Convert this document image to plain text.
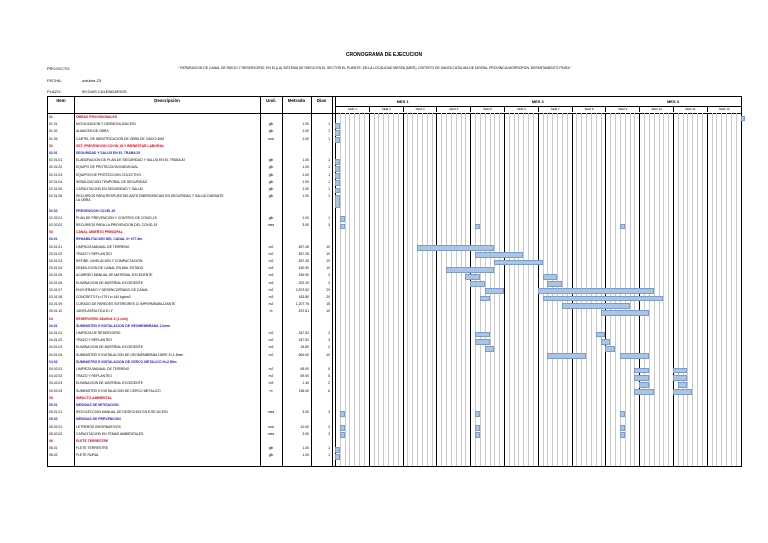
CRONOGRAMA DE EJECUCION
PROYECTO:	" REPARACION DE CANAL DE RIEGO Y RESERVORIO; EN EL(LA) SISTEMA DE RIEGO EN EL SECTOR EL PUENTE, EN LA LOCALIDAD MESSA (MESI), DISTRITO DE SANTA CATALINA DE MOSSA, PROVINCIA MORROPON, DEPARTAMENTO PIURA "
FECHA:	octubre-23
PLAZO:	90 DIAS CALENDARIOS
Item	Descripción	Und.	Metrado	Dias	MES 1	MES 2	MES 3
SEM 1	SEM 2	SEM 3	SEM 4	SEM 5	SEM 6	SEM 7	SEM 8	SEM 9	SEM 10	SEM 11	SEM 12
01	OBRAS PROVISIONALES
01.01	MOVILIZACION Y DESMOVILIZACION	glb	1.00	1
01.02	ALMACEN DE OBRA	glb	1.00	1
01.03	CARTEL DE IDENTIFICACION DE OBRA DE 3.60X2.40M	und	1.00	1
02	SST, PREVENCION COVID-19 Y BIENESTAR LABORAL
02.01	SEGURIDAD Y SALUD EN EL TRABAJO
02.01.01	ELABORACION DE PLAN DE SEGURIDAD Y SALUD EN EL TRABAJO	glb	1.00	1
02.01.02	EQUIPO DE PROTECCION INDIVIDUAL	glb	1.00	1
02.01.03	EQUIPOS DE PROTECCION COLECTIVO	glb	1.00	1
02.01.04	SEÑALIZACION TEMPORAL DE SEGURIDAD	glb	1.00	1
02.01.05	CAPACITACION EN SEGURIDAD Y SALUD	glb	1.00	1
02.01.06	RECURSOS PARA RESPUESTAS ANTE EMERGENCIAS EN SEGURIDAD Y SALUD DURANTE LA OBRA
glb	1.00	1
02.02	PREVENCION COVID-19
02.02.01	PLAN DE PREVENCION Y CONTROL DE COVID-19	glb	1.00	1
02.02.02	RECURSOS PARA LA PREVENCION DEL COVID-19	mes	3.00	3
03	CANAL ABIERTO PRINCIPAL
03.01	REHABILITACION DEL CANAL 0+ 077.8m
03.01.01	LIMPIEZA MANUAL DE TERRENO	m2	837.28	10
03.01.02	TRAZO Y REPLANTEO	m2	837.28	10
03.01.03	REFINE, NIVELACION Y COMPACTACION	m2	837.28	10
03.01.04	DEMOLICION DE CANAL EN MAL ESTADO	m3	160.90	10
03.01.05	ACARREO MANUAL DE MATERIAL EXCEDENTE	m3	150.90	3
03.01.06	ELIMINACION DE MATERIAL EXCEDENTE	m3	202.20	3
03.01.07	ENCOFRADO Y DESENCOFRADO DE CANAL	m2	2,873.52	20
03.01.08	CONCRETO f'c=175 f'c=140 kg/cm2	m3	183.80	20
03.01.09	CURADO DE PAREDES INTERIORES C/ IMPERMEABILIZANTE	m2	1,207.76	15
03.01.10	JUNTA ASFALTICA E=1"	m	872.61	10
04	RESERVORIO 28x60x1.5 (1 und)
04.01	SUMINISTRO E INSTALACION DE GEOMEMBRANA 1.0mm
04.01.01	LIMPIEZA DE RESERVORIO	m2	347.52	3
04.01.02	TRAZO Y REPLANTEO	m2	347.52	3
04.01.03	ELIMINACION DE MATERIAL EXCEDENTE	m3	15.80	2
04.01.04	SUMINISTRO E INSTALACION DE GEOMEMBRANA HDPE E=1.5mm	m2	600.00	10
04.02	SUMINISTRO E INSTALACION DE CERCO METALICO H=2.50m
04.02.01	LIMPIEZA MANUAL DE TERRENO	m2	69.00	5
04.02.02	TRAZO Y REPLANTEO	m2	69.00	5
04.02.03	ELIMINACION DE MATERIAL EXCEDENTE	m3	1.40	2
04.02.04	SUMINISTRO E INSTALACION DE CERCO METALICO	m	136.00	6
05	IMPACTO AMBIENTAL
05.01	MEDIDAS DE MITIGACION
05.01.01	RECOLECCION MANUAL DE DESECHOS EN EJECUCION	mes	3.00	3
05.02	MEDIDAS DE PREVENCION
05.02.01	LETREROS INFORMATIVOS	und	10.00	3
05.02.02	CAPACITACION EN TEMAS AMBIENTALES	mes	3.00	3
06	FLETE TERRESTRE
06.01	FLETE TERRESTRE	glb	1.00	1
06.02	FLETE RURAL	glb	1.00	1
